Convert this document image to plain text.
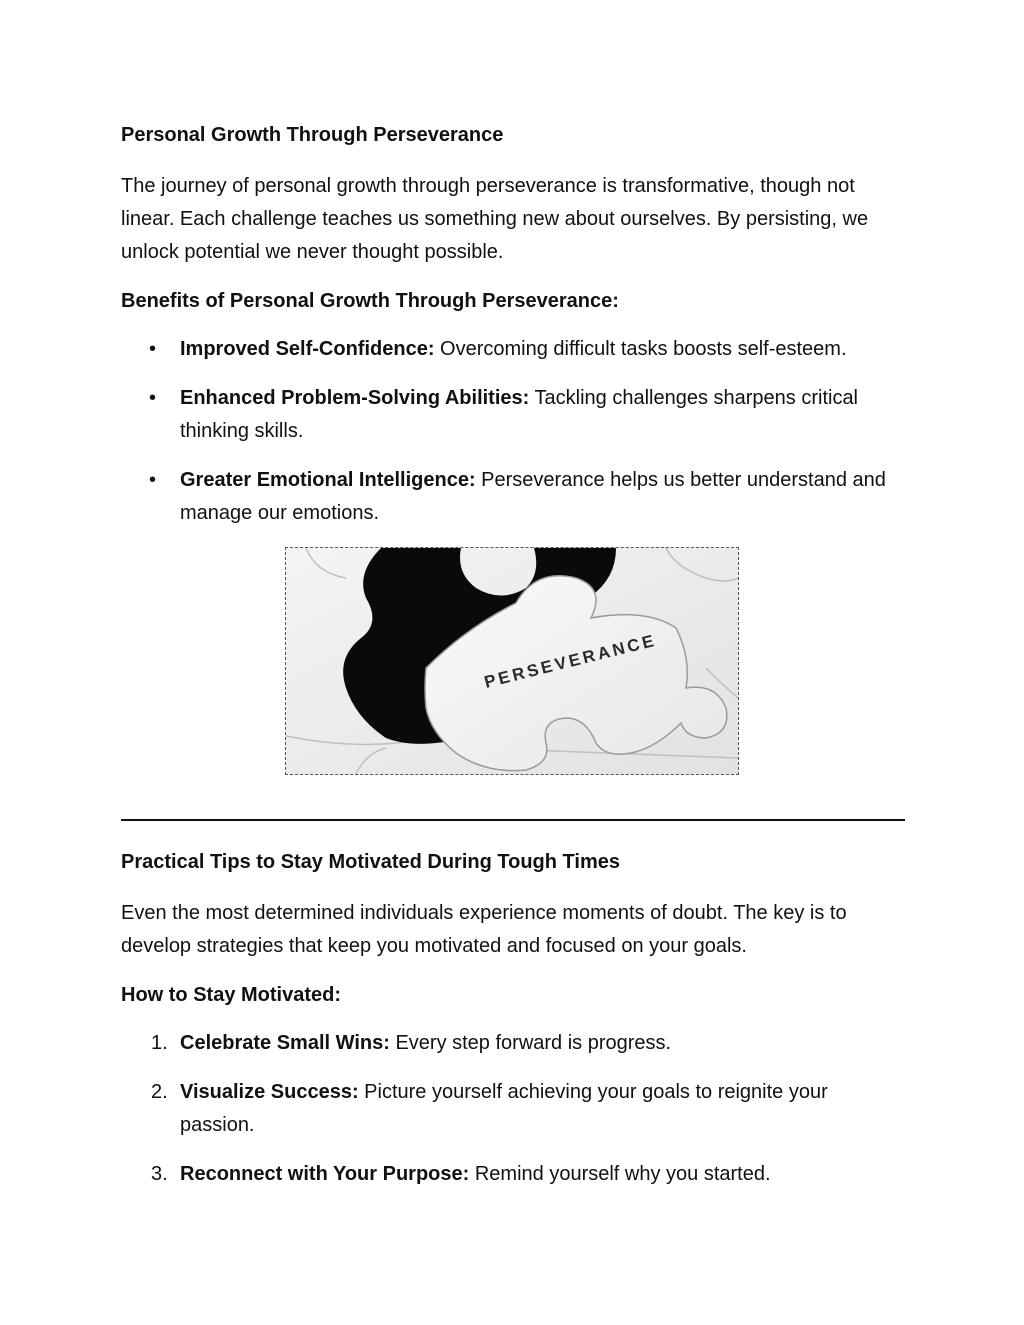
Personal Growth Through Perseverance

The journey of personal growth through perseverance is transformative, though not linear. Each challenge teaches us something new about ourselves. By persisting, we unlock potential we never thought possible.

Benefits of Personal Growth Through Perseverance:
• Improved Self-Confidence: Overcoming difficult tasks boosts self-esteem.
• Enhanced Problem-Solving Abilities: Tackling challenges sharpens critical thinking skills.
• Greater Emotional Intelligence: Perseverance helps us better understand and manage our emotions.
PERSEVERANCE
Practical Tips to Stay Motivated During Tough Times

Even the most determined individuals experience moments of doubt. The key is to develop strategies that keep you motivated and focused on your goals.

How to Stay Motivated:
1. Celebrate Small Wins: Every step forward is progress.
2. Visualize Success: Picture yourself achieving your goals to reignite your passion.
3. Reconnect with Your Purpose: Remind yourself why you started.
